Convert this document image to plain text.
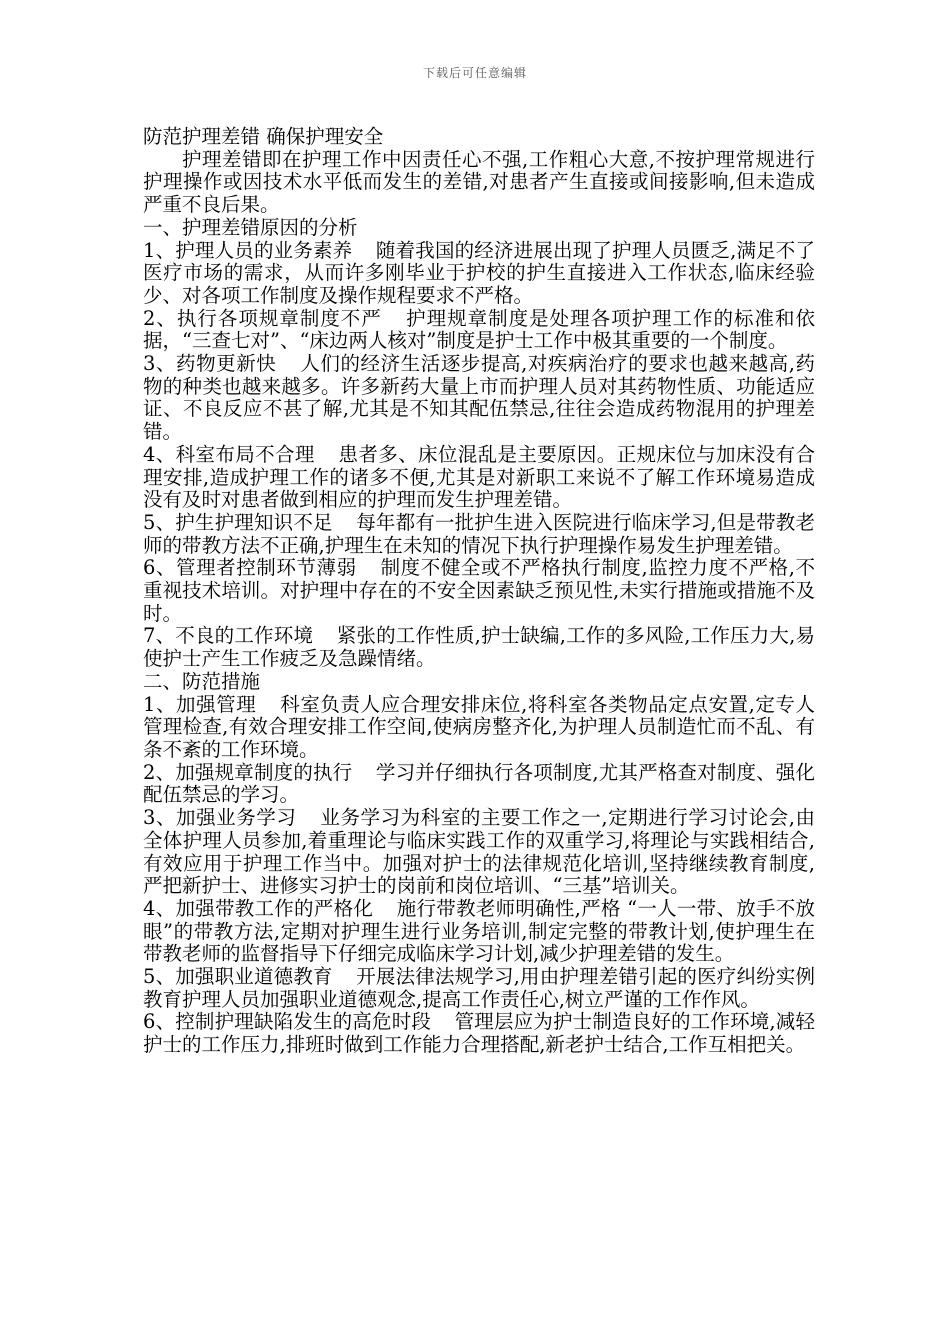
下载后可任意编辑

防范护理差错 确保护理安全

护理差错即在护理工作中因责任心不强,工作粗心大意,不按护理常规进行护理操作或因技术水平低而发生的差错,对患者产生直接或间接影响,但未造成严重不良后果。

一、护理差错原因的分析

1、护理人员的业务素养 随着我国的经济进展出现了护理人员匮乏,满足不了医疗市场的需求，从而许多刚毕业于护校的护生直接进入工作状态,临床经验少、对各项工作制度及操作规程要求不严格。

2、执行各项规章制度不严 护理规章制度是处理各项护理工作的标准和依据，“三查七对”、“床边两人核对”制度是护士工作中极其重要的一个制度。

3、药物更新快 人们的经济生活逐步提高,对疾病治疗的要求也越来越高,药物的种类也越来越多。许多新药大量上市而护理人员对其药物性质、功能适应证、不良反应不甚了解,尤其是不知其配伍禁忌,往往会造成药物混用的护理差错。

4、科室布局不合理 患者多、床位混乱是主要原因。正规床位与加床没有合理安排,造成护理工作的诸多不便,尤其是对新职工来说不了解工作环境易造成没有及时对患者做到相应的护理而发生护理差错。

5、护生护理知识不足 每年都有一批护生进入医院进行临床学习,但是带教老师的带教方法不正确,护理生在未知的情况下执行护理操作易发生护理差错。

6、管理者控制环节薄弱 制度不健全或不严格执行制度,监控力度不严格,不重视技术培训。对护理中存在的不安全因素缺乏预见性,未实行措施或措施不及时。

7、不良的工作环境 紧张的工作性质,护士缺编,工作的多风险,工作压力大,易使护士产生工作疲乏及急躁情绪。

二、防范措施

1、加强管理 科室负责人应合理安排床位,将科室各类物品定点安置,定专人管理检查,有效合理安排工作空间,使病房整齐化,为护理人员制造忙而不乱、有条不紊的工作环境。

2、加强规章制度的执行 学习并仔细执行各项制度,尤其严格查对制度、强化配伍禁忌的学习。

3、加强业务学习 业务学习为科室的主要工作之一,定期进行学习讨论会,由全体护理人员参加,着重理论与临床实践工作的双重学习,将理论与实践相结合,有效应用于护理工作当中。加强对护士的法律规范化培训,坚持继续教育制度,严把新护士、进修实习护士的岗前和岗位培训、“三基”培训关。

4、加强带教工作的严格化 施行带教老师明确性,严格 “一人一带、放手不放眼”的带教方法,定期对护理生进行业务培训,制定完整的带教计划,使护理生在带教老师的监督指导下仔细完成临床学习计划,减少护理差错的发生。

5、加强职业道德教育 开展法律法规学习,用由护理差错引起的医疗纠纷实例教育护理人员加强职业道德观念,提高工作责任心,树立严谨的工作作风。

6、控制护理缺陷发生的高危时段 管理层应为护士制造良好的工作环境,减轻护士的工作压力,排班时做到工作能力合理搭配,新老护士结合,工作互相把关。
